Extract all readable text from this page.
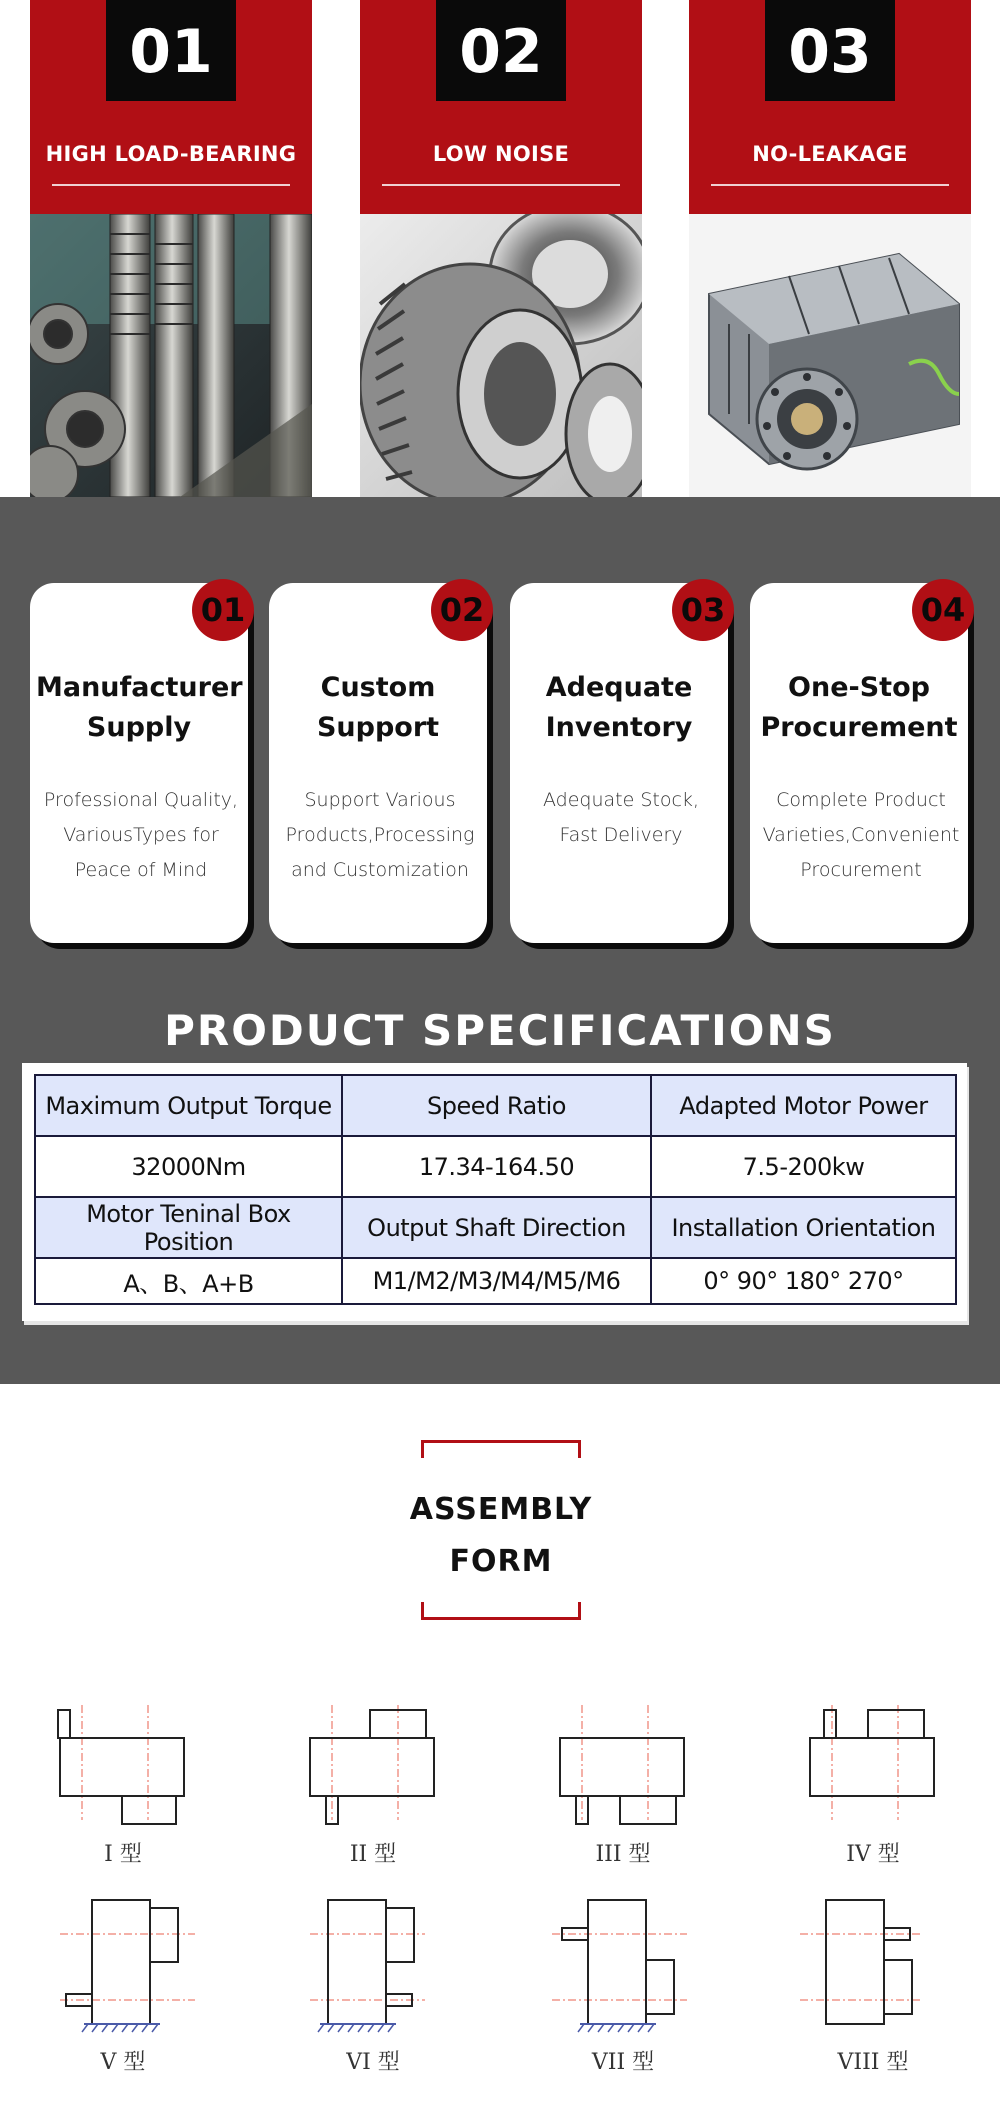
01
HIGH LOAD-BEARING
02
LOW NOISE
03
NO-LEAKAGE
01
Manufacturer Supply
Professional Quality, VariousTypes for Peace of Mind
02
Custom Support
Support Various Products,Processing and Customization
03
Adequate Inventory
Adequate Stock, Fast Delivery
04
One-Stop Procurement
Complete Product Varieties,Convenient Procurement
PRODUCT SPECIFICATIONS
Maximum Output Torque	Speed Ratio	Adapted Motor Power
32000Nm	17.34-164.50	7.5-200kw
Motor Teninal Box Position	Output Shaft Direction	Installation Orientation
A、B、A+B	M1/M2/M3/M4/M5/M6	0° 90° 180° 270°
ASSEMBLY
FORM
I 型	II 型	III 型	IV 型
V 型	VI 型	VII 型	VIII 型
